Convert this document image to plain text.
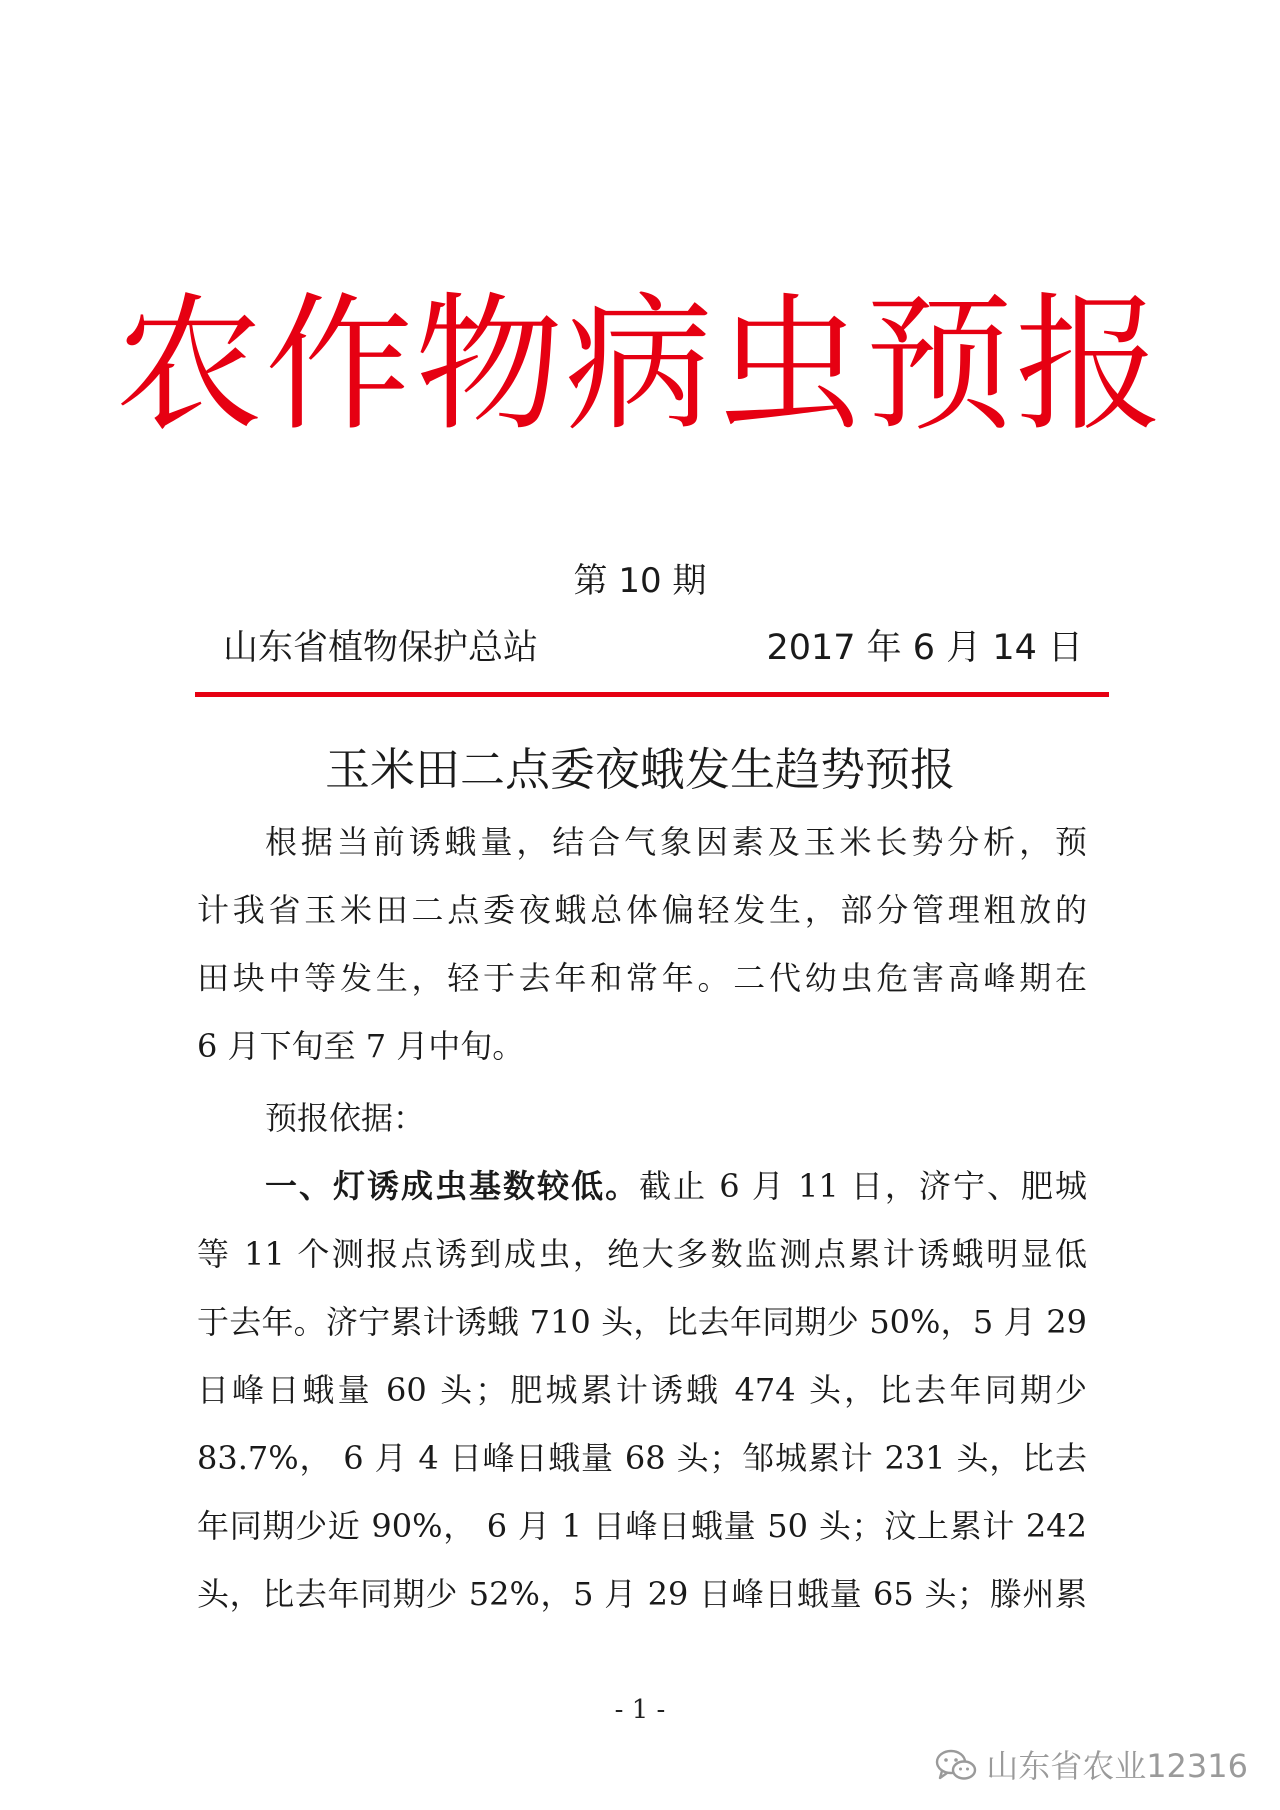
农作物病虫预报
第 10 期
山东省植物保护总站	2017 年 6 月 14 日
玉米田二点委夜蛾发生趋势预报
根据当前诱蛾量，结合气象因素及玉米长势分析，预
计我省玉米田二点委夜蛾总体偏轻发生，部分管理粗放的
田块中等发生，轻于去年和常年。二代幼虫危害高峰期在
6 月下旬至 7 月中旬。
预报依据：
一、灯诱成虫基数较低。截止 6 月 11 日，济宁、肥城
等 11 个测报点诱到成虫，绝大多数监测点累计诱蛾明显低
于去年。济宁累计诱蛾 710 头，比去年同期少 50%，5 月 29
日峰日蛾量 60 头；肥城累计诱蛾 474 头，比去年同期少
83.7%， 6 月 4 日峰日蛾量 68 头；邹城累计 231 头，比去
年同期少近 90%， 6 月 1 日峰日蛾量 50 头；汶上累计 242
头，比去年同期少 52%，5 月 29 日峰日蛾量 65 头；滕州累
- 1 -
山东省农业12316
